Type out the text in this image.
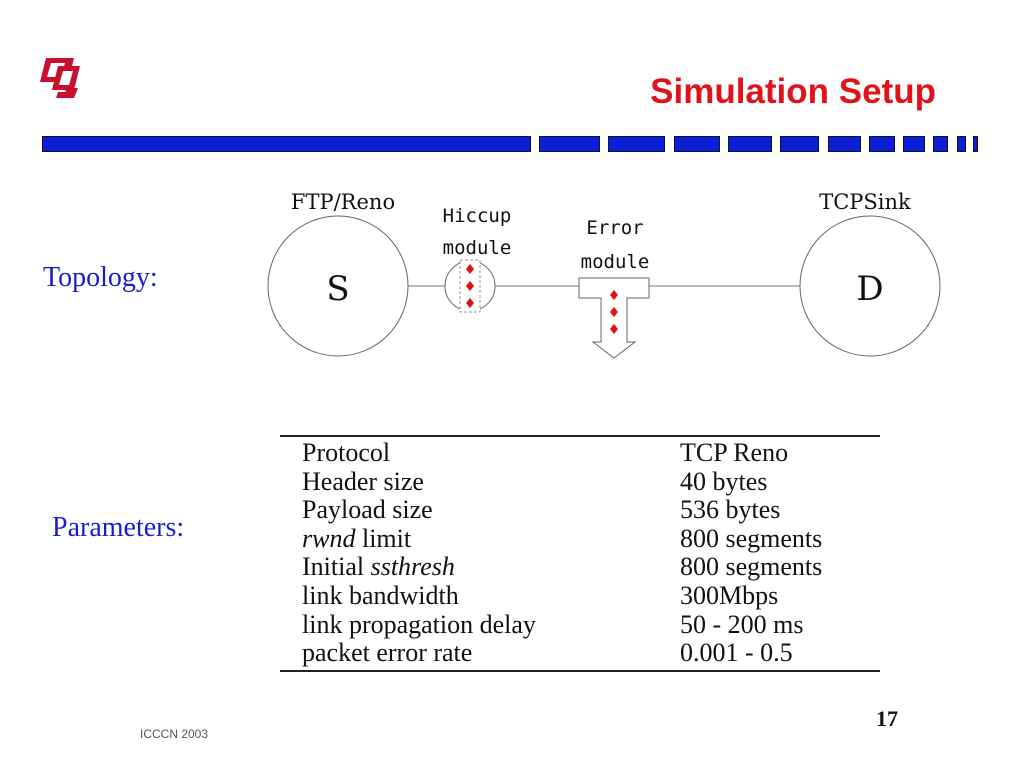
Simulation Setup
Topology:
FTP/Reno
S
Hiccup
module
Error
module
TCPSink
D
Parameters:
Protocol	TCP Reno
Header size	40 bytes
Payload size	536 bytes
rwnd limit	800 segments
Initial ssthresh	800 segments
link bandwidth	300Mbps
link propagation delay	50 - 200 ms
packet error rate	0.001 - 0.5
ICCCN 2003
17
